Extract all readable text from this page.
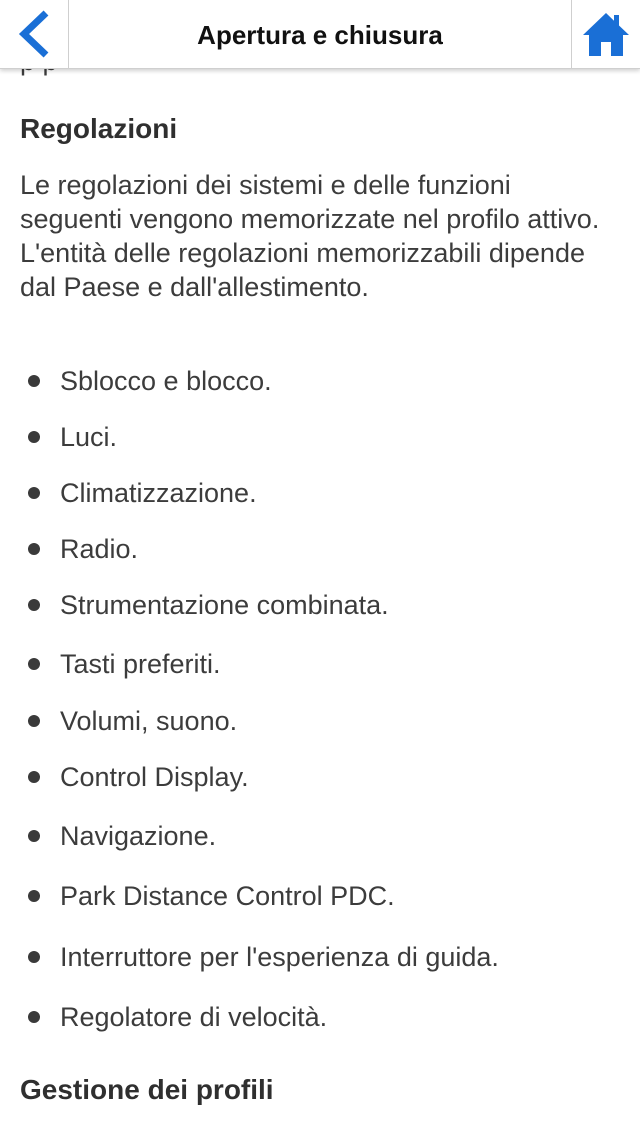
Regolazioni

Le regolazioni dei sistemi e delle funzioni seguenti vengono memorizzate nel profilo attivo. L'entità delle regolazioni memorizzabili dipende dal Paese e dall'allestimento.

Sblocco e blocco.
Luci.
Climatizzazione.
Radio.
Strumentazione combinata.
Tasti preferiti.
Volumi, suono.
Control Display.
Navigazione.
Park Distance Control PDC.
Interruttore per l'esperienza di guida.
Regolatore di velocità.
Gestione dei profili
Apertura e chiusura
